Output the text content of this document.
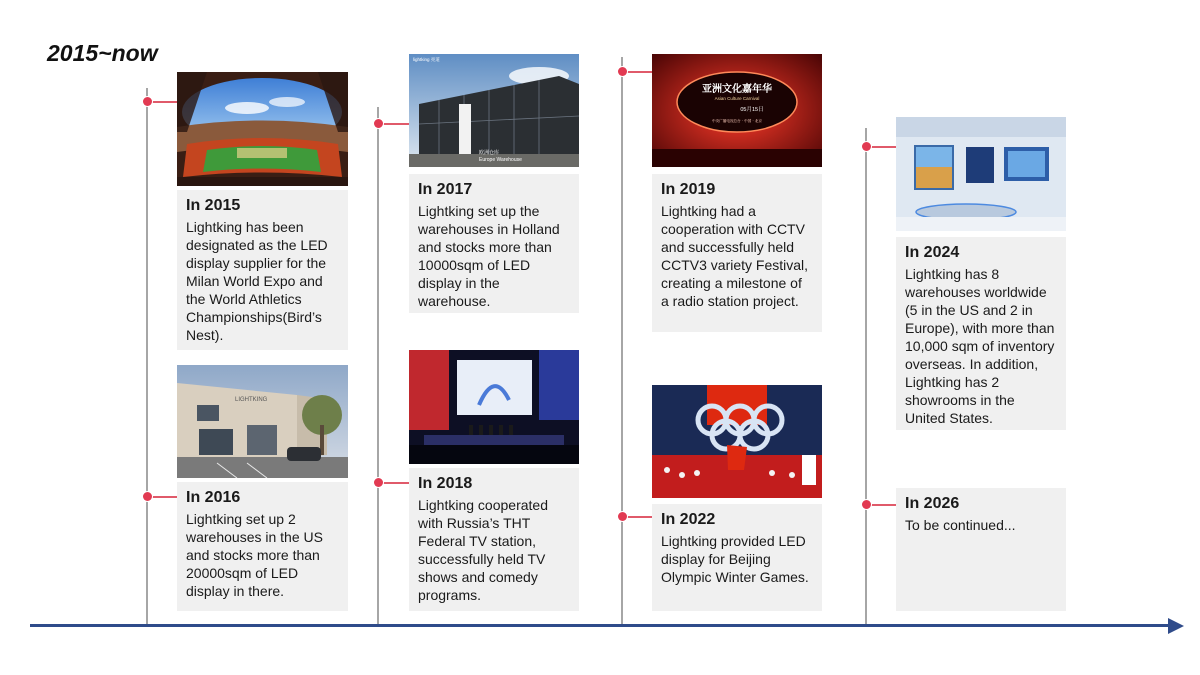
2015~now
In 2015
Lightking has been designated as the LED display supplier for the Milan World Expo and the World Athletics Championships(Bird’s Nest).
LIGHTKING
In 2016
Lightking set up 2 warehouses in the US and stocks more than 20000sqm of LED display in there.
lightking 亮道
欧洲仓库
Europe Warehouse
In 2017
Lightking set up the warehouses in Holland and stocks more than 10000sqm of LED display in the warehouse.
In 2018
Lightking cooperated with Russia’s THT Federal TV station, successfully held TV shows and comedy programs.
亚洲文化嘉年华
Asian Culture Carnival
05月15日
中央广播电视总台 · 中国 · 北京
In 2019
Lightking had a cooperation with CCTV and successfully held CCTV3 variety Festival, creating a milestone of a radio station project.
In 2022
Lightking provided LED display for Beijing Olympic Winter Games.
In 2024
Lightking has 8 warehouses worldwide (5 in the US and 2 in Europe), with more than 10,000 sqm of inventory overseas. In addition, Lightking has 2 showrooms in the United States.
In 2026
To be continued...
